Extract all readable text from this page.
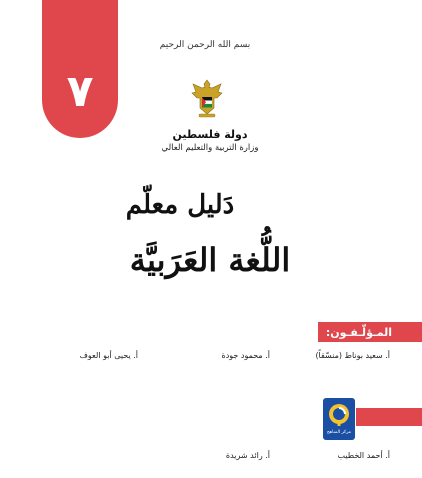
٧
بسم الله الرحمن الرحيم
دولة فلسطين
وزارة التربية والتعليم العالي
دَليل معلّم
اللُّغة العَرَبيَّة
المـؤلّـفـون:
أ. سعيد بوناط (منسّقاً)
أ. محمود جودة
أ. يحيى أبو العوف
مركز المناهج
أ. أحمد الخطيب
أ. رائد شريدة
